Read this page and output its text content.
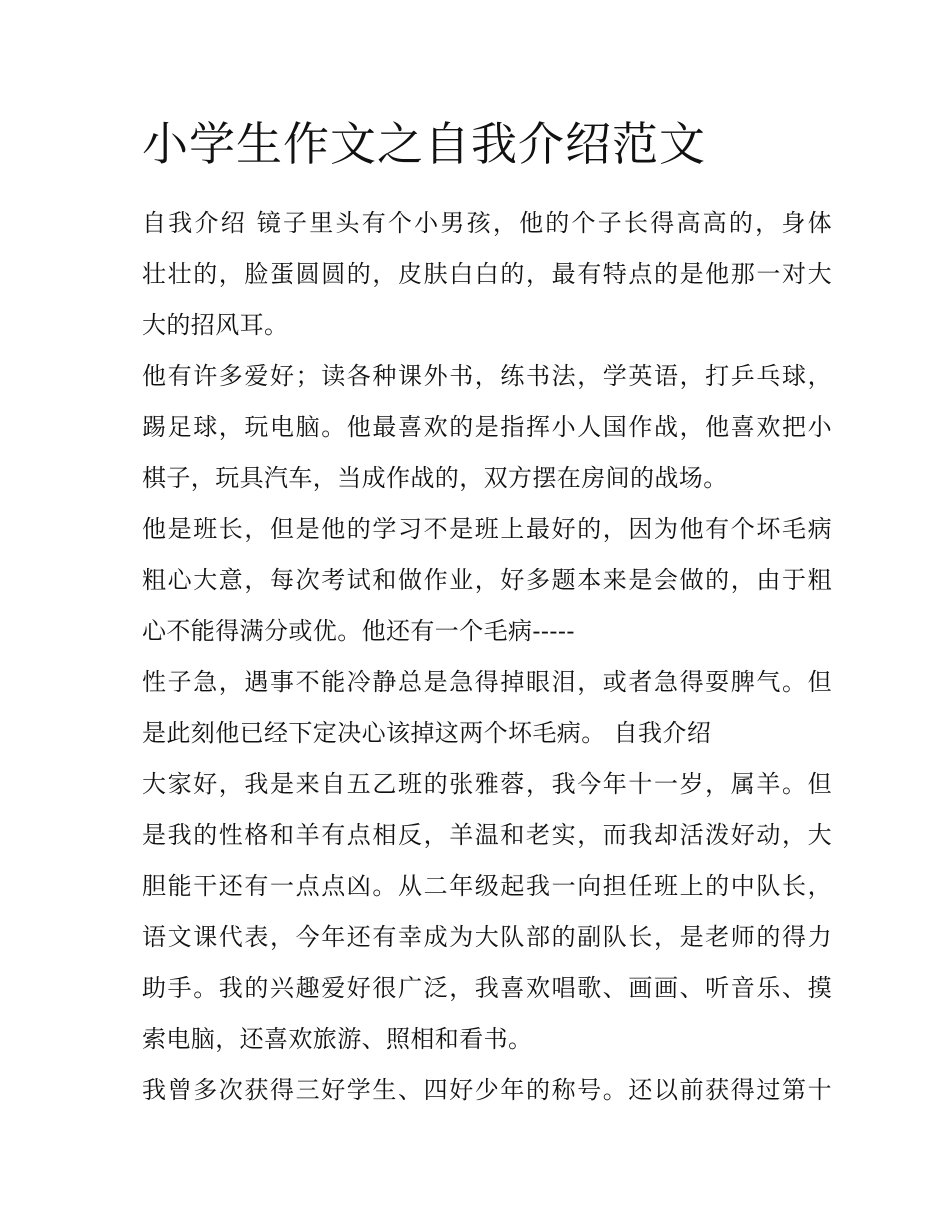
小学生作文之自我介绍范文
自我介绍 镜子里头有个小男孩，他的个子长得高高的，身体
壮壮的，脸蛋圆圆的，皮肤白白的，最有特点的是他那一对大
大的招风耳。
他有许多爱好；读各种课外书，练书法，学英语，打乒乓球，
踢足球，玩电脑。他最喜欢的是指挥小人国作战，他喜欢把小
棋子，玩具汽车，当成作战的，双方摆在房间的战场。
他是班长，但是他的学习不是班上最好的，因为他有个坏毛病
粗心大意，每次考试和做作业，好多题本来是会做的，由于粗
心不能得满分或优。他还有一个毛病-----
性子急，遇事不能冷静总是急得掉眼泪，或者急得耍脾气。但
是此刻他已经下定决心该掉这两个坏毛病。 自我介绍
大家好，我是来自五乙班的张雅蓉，我今年十一岁，属羊。但
是我的性格和羊有点相反，羊温和老实，而我却活泼好动，大
胆能干还有一点点凶。从二年级起我一向担任班上的中队长，
语文课代表，今年还有幸成为大队部的副队长，是老师的得力
助手。我的兴趣爱好很广泛，我喜欢唱歌、画画、听音乐、摸
索电脑，还喜欢旅游、照相和看书。
我曾多次获得三好学生、四好少年的称号。还以前获得过第十
